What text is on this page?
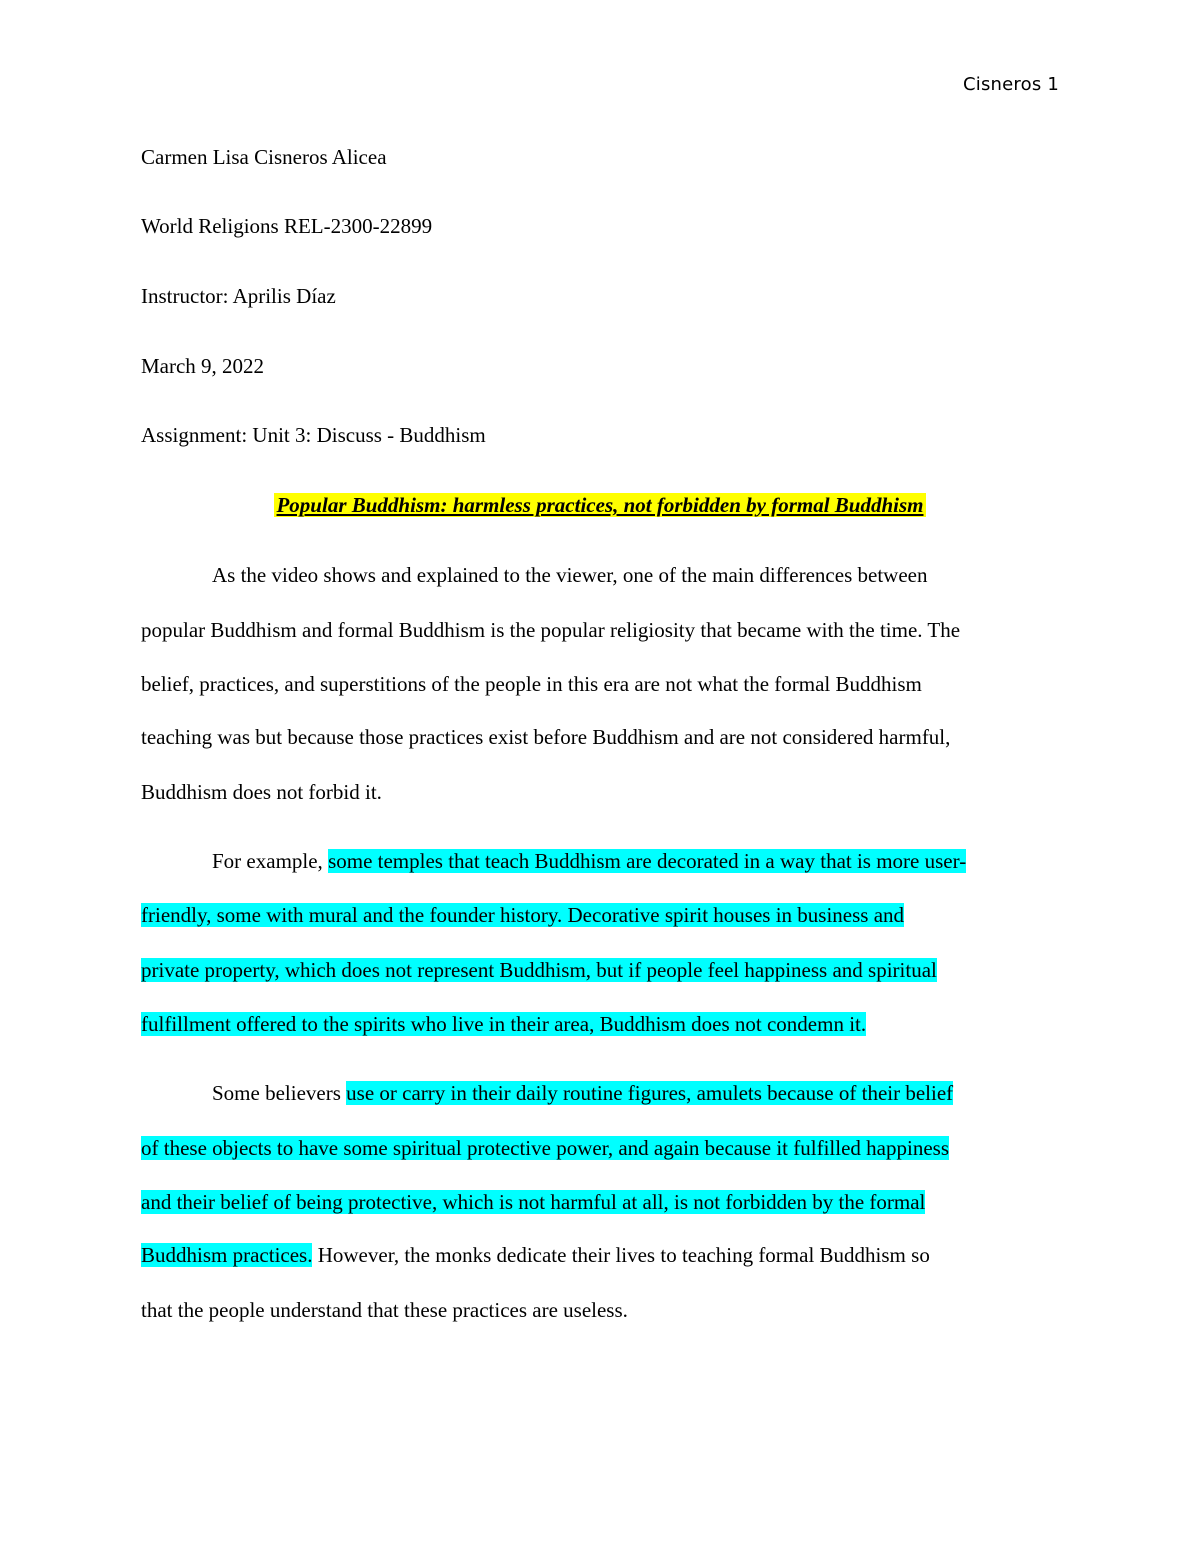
Cisneros 1
Carmen Lisa Cisneros Alicea
World Religions REL-2300-22899
Instructor: Aprilis Díaz
March 9, 2022
Assignment: Unit 3: Discuss - Buddhism
Popular Buddhism: harmless practices, not forbidden by formal Buddhism
As the video shows and explained to the viewer, one of the main differences between
popular Buddhism and formal Buddhism is the popular religiosity that became with the time. The
belief, practices, and superstitions of the people in this era are not what the formal Buddhism
teaching was but because those practices exist before Buddhism and are not considered harmful,
Buddhism does not forbid it.
For example, some temples that teach Buddhism are decorated in a way that is more user-
friendly, some with mural and the founder history. Decorative spirit houses in business and
private property, which does not represent Buddhism, but if people feel happiness and spiritual
fulfillment offered to the spirits who live in their area, Buddhism does not condemn it.
Some believers use or carry in their daily routine figures, amulets because of their belief
of these objects to have some spiritual protective power, and again because it fulfilled happiness
and their belief of being protective, which is not harmful at all, is not forbidden by the formal
Buddhism practices. However, the monks dedicate their lives to teaching formal Buddhism so
that the people understand that these practices are useless.
